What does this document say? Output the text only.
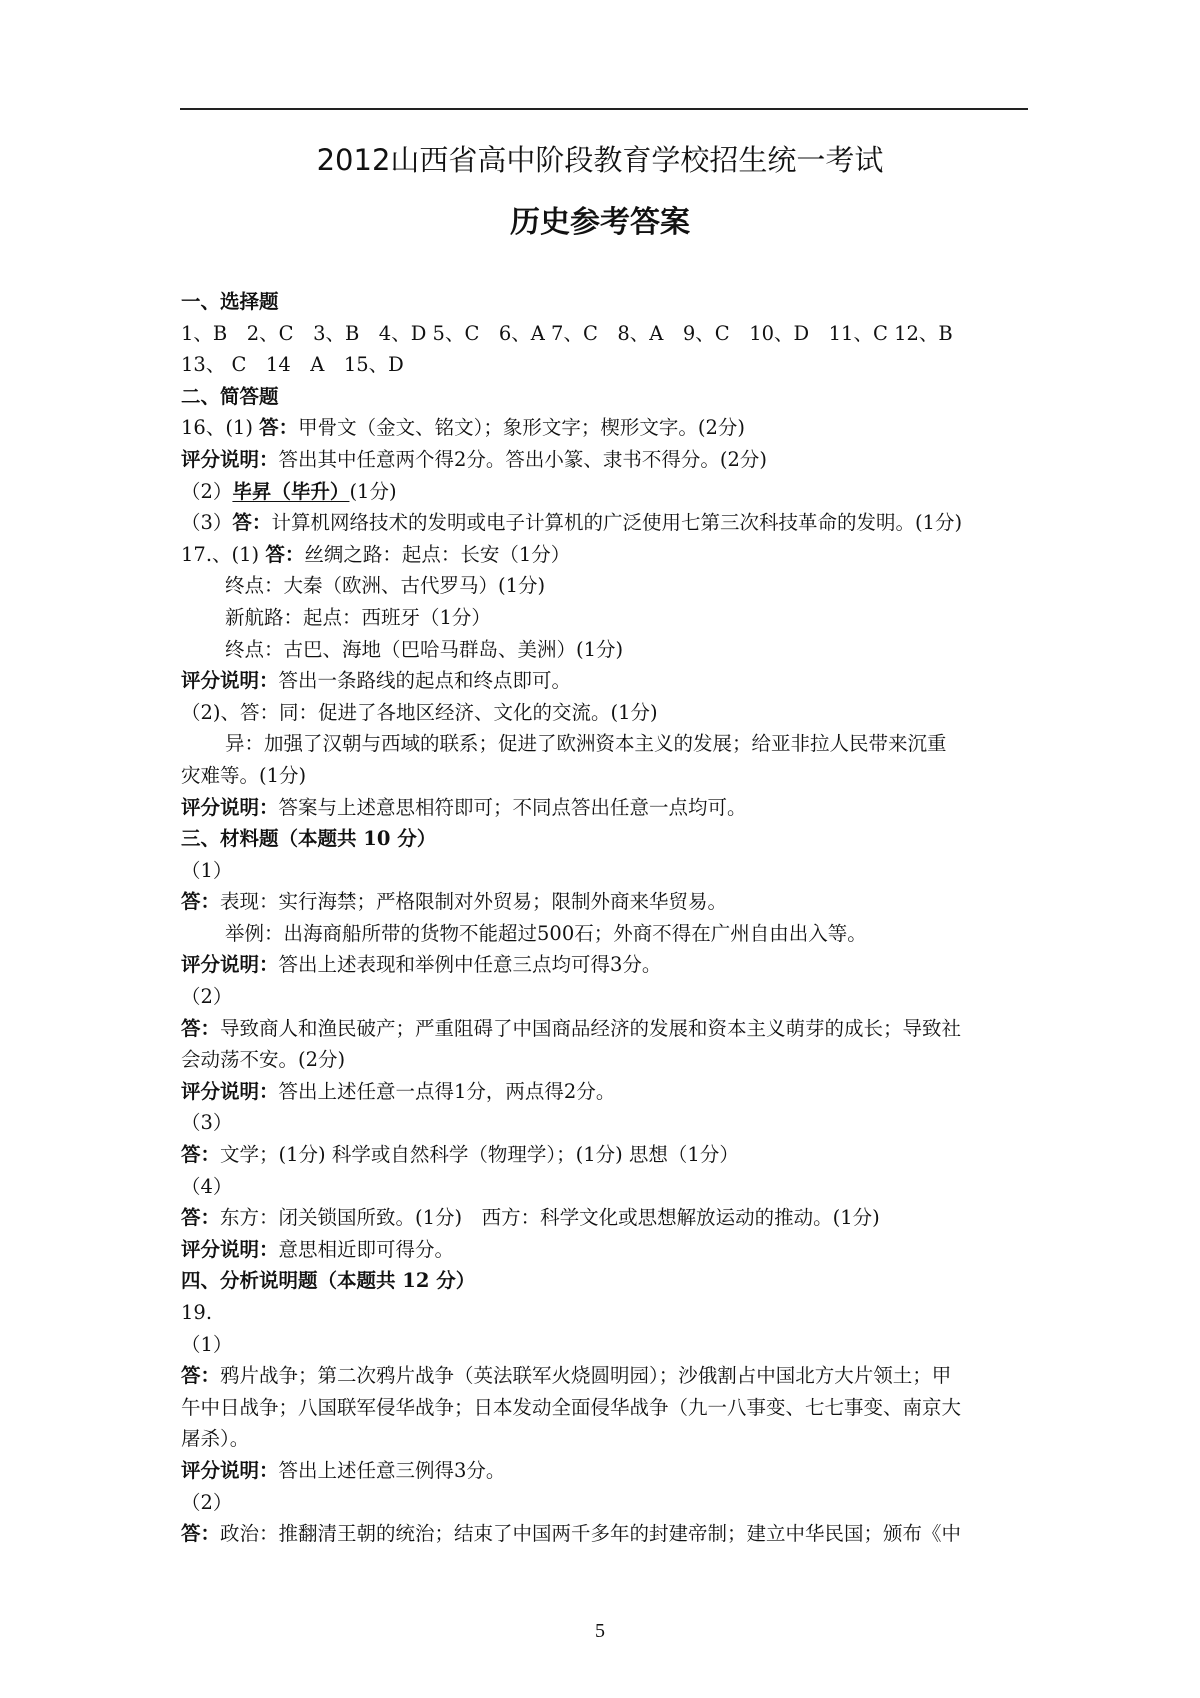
2012山西省高中阶段教育学校招生统一考试
历史参考答案
一、选择题
1、B　2、C　3、B　4、D 5、C　6、A 7、C　8、A　9、C　10、D　11、C 12、B
13、 C　14　A　15、D
二、简答题
16、(1) 答：甲骨文（金文、铭文）；象形文字；楔形文字。(2分)
评分说明：答出其中任意两个得2分。答出小篆、隶书不得分。(2分)
（2）毕昇（毕升）(1分)
（3）答：计算机网络技术的发明或电子计算机的广泛使用七第三次科技革命的发明。(1分)
17.、(1) 答：丝绸之路：起点：长安（1分）
终点：大秦（欧洲、古代罗马）(1分)
新航路：起点：西班牙（1分）
终点：古巴、海地（巴哈马群岛、美洲）(1分)
评分说明：答出一条路线的起点和终点即可。
（2)、答：同：促进了各地区经济、文化的交流。(1分)
异：加强了汉朝与西域的联系；促进了欧洲资本主义的发展；给亚非拉人民带来沉重
灾难等。(1分)
评分说明：答案与上述意思相符即可；不同点答出任意一点均可。
三、材料题（本题共 10 分）
（1）
答：表现：实行海禁；严格限制对外贸易；限制外商来华贸易。
举例：出海商船所带的货物不能超过500石；外商不得在广州自由出入等。
评分说明：答出上述表现和举例中任意三点均可得3分。
（2）
答：导致商人和渔民破产；严重阻碍了中国商品经济的发展和资本主义萌芽的成长；导致社
会动荡不安。(2分)
评分说明：答出上述任意一点得1分，两点得2分。
（3）
答：文学；(1分) 科学或自然科学（物理学）；(1分) 思想（1分）
（4）
答：东方：闭关锁国所致。(1分)　西方：科学文化或思想解放运动的推动。(1分)
评分说明：意思相近即可得分。
四、分析说明题（本题共 12 分）
19.
（1）
答：鸦片战争；第二次鸦片战争（英法联军火烧圆明园）；沙俄割占中国北方大片领土；甲
午中日战争；八国联军侵华战争；日本发动全面侵华战争（九一八事变、七七事变、南京大
屠杀）。
评分说明：答出上述任意三例得3分。
（2）
答：政治：推翻清王朝的统治；结束了中国两千多年的封建帝制；建立中华民国；颁布《中
5
